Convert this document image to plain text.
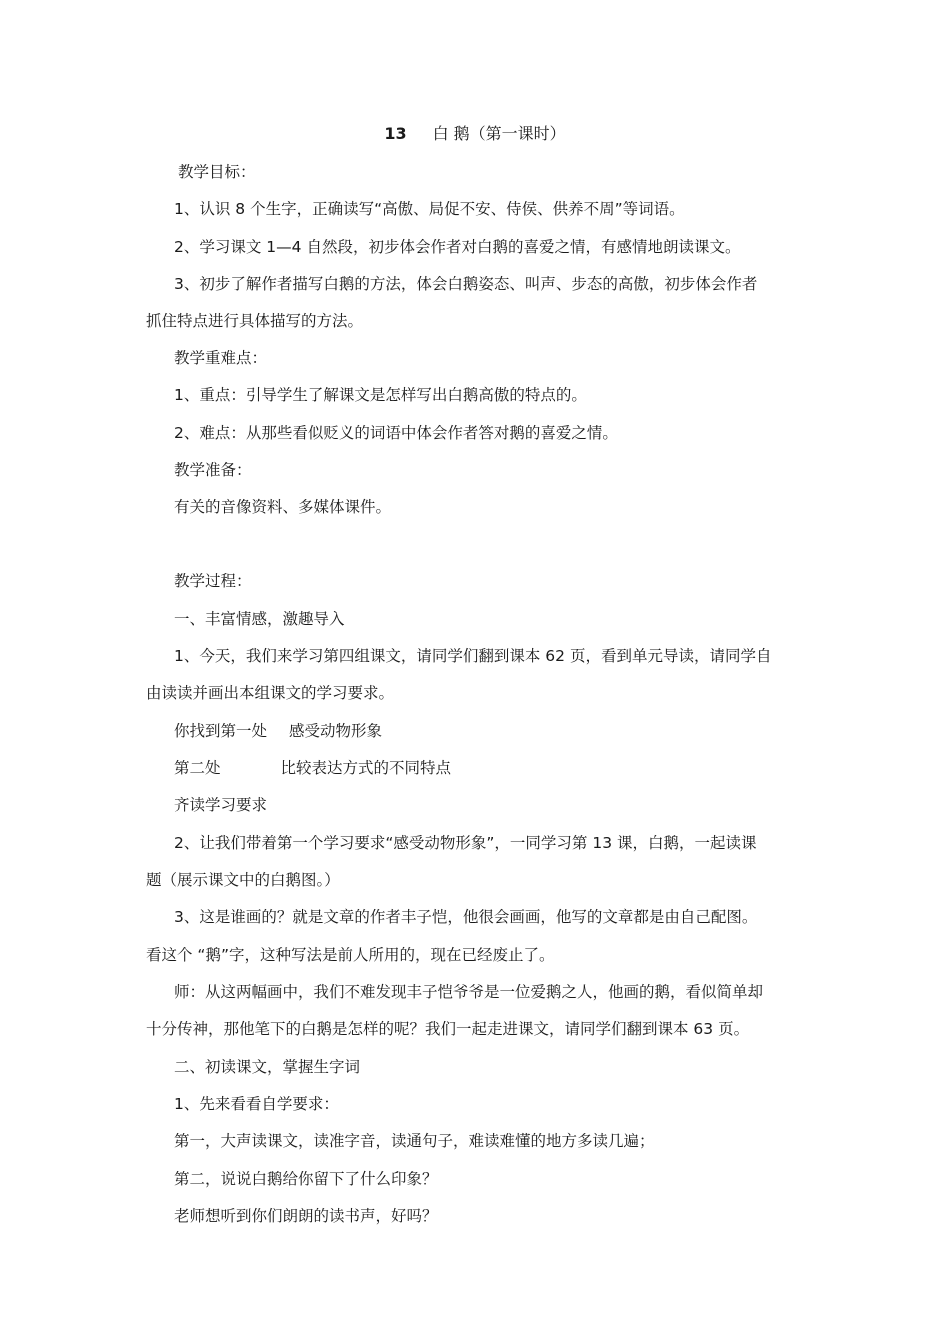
13 白 鹅（第一课时）
教学目标：
1、认识 8 个生字，正确读写“高傲、局促不安、侍侯、供养不周”等词语。
2、学习课文 1—4 自然段，初步体会作者对白鹅的喜爱之情，有感情地朗读课文。
3、初步了解作者描写白鹅的方法，体会白鹅姿态、叫声、步态的高傲，初步体会作者
抓住特点进行具体描写的方法。
教学重难点：
1、重点：引导学生了解课文是怎样写出白鹅高傲的特点的。
2、难点：从那些看似贬义的词语中体会作者答对鹅的喜爱之情。
教学准备：
有关的音像资料、多媒体课件。
教学过程：
一、丰富情感，激趣导入
1、今天，我们来学习第四组课文，请同学们翻到课本 62 页，看到单元导读，请同学自
由读读并画出本组课文的学习要求。
你找到第一处 感受动物形象
第二处	比较表达方式的不同特点
齐读学习要求
2、让我们带着第一个学习要求“感受动物形象”，一同学习第 13 课，白鹅，一起读课
题（展示课文中的白鹅图。）
3、这是谁画的？就是文章的作者丰子恺，他很会画画，他写的文章都是由自己配图。
看这个 “鹅”字，这种写法是前人所用的，现在已经废止了。
师：从这两幅画中，我们不难发现丰子恺爷爷是一位爱鹅之人，他画的鹅，看似简单却
十分传神，那他笔下的白鹅是怎样的呢？我们一起走进课文，请同学们翻到课本 63 页。
二、初读课文，掌握生字词
1、先来看看自学要求：
第一，大声读课文，读准字音，读通句子，难读难懂的地方多读几遍；
第二，说说白鹅给你留下了什么印象？
老师想听到你们朗朗的读书声，好吗？
